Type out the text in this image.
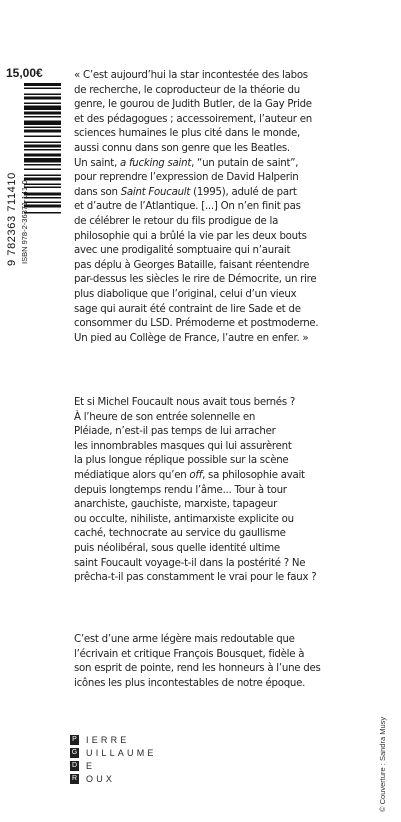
15,00€
ISBN 978-2-36371-141-0
9 782363 711410
« C’est aujourd’hui la star incontestée des labos
de recherche, le coproducteur de la théorie du
genre, le gourou de Judith Butler, de la Gay Pride
et des pédagogues ; accessoirement, l’auteur en
sciences humaines le plus cité dans le monde,
aussi connu dans son genre que les Beatles.
Un saint, a fucking saint, “un putain de saint”,
pour reprendre l’expression de David Halperin
dans son Saint Foucault (1995), adulé de part
et d’autre de l’Atlantique. [...] On n’en finit pas
de célébrer le retour du fils prodigue de la
philosophie qui a brûlé la vie par les deux bouts
avec une prodigalité somptuaire qui n’aurait
pas déplu à Georges Bataille, faisant réentendre
par-dessus les siècles le rire de Démocrite, un rire
plus diabolique que l’original, celui d’un vieux
sage qui aurait été contraint de lire Sade et de
consommer du LSD. Prémoderne et postmoderne.
Un pied au Collège de France, l’autre en enfer. »
Et si Michel Foucault nous avait tous bernés ?
À l’heure de son entrée solennelle en
Pléiade, n’est-il pas temps de lui arracher
les innombrables masques qui lui assurèrent
la plus longue réplique possible sur la scène
médiatique alors qu’en off, sa philosophie avait
depuis longtemps rendu l’âme... Tour à tour
anarchiste, gauchiste, marxiste, tapageur
ou occulte, nihiliste, antimarxiste explicite ou
caché, technocrate au service du gaullisme
puis néolibéral, sous quelle identité ultime
saint Foucault voyage-t-il dans la postérité ? Ne
prêcha-t-il pas constamment le vrai pour le faux ?
C’est d’une arme légère mais redoutable que
l’écrivain et critique François Bousquet, fidèle à
son esprit de pointe, rend les honneurs à l’une des
icônes les plus incontestables de notre époque.
© Couverture : Sandra Musy
P IERRE
G UILLAUME
D E
R OUX
